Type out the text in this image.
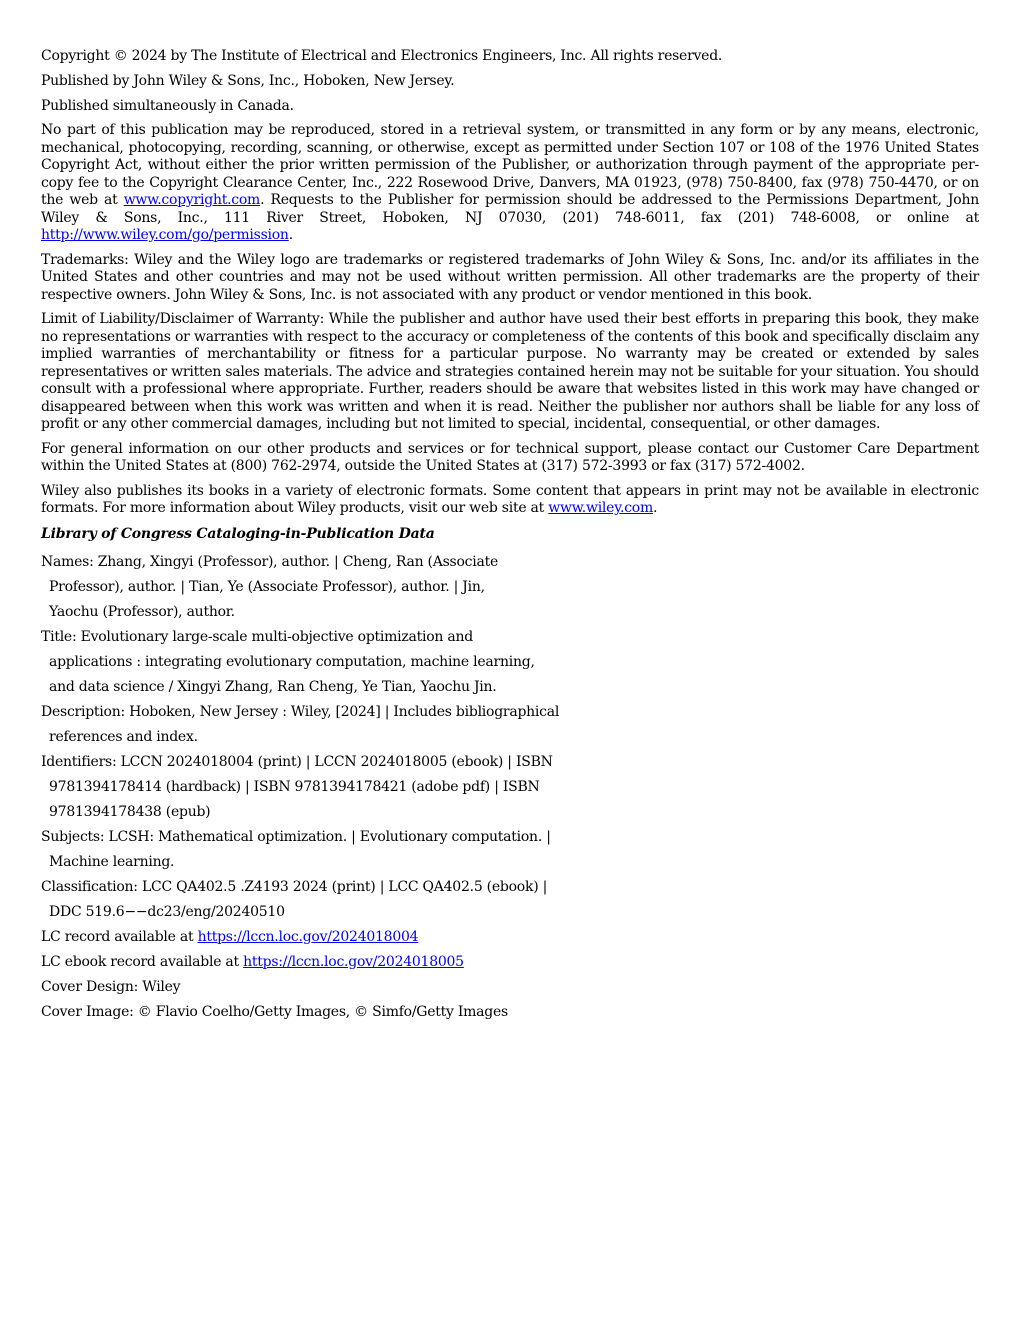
Copyright © 2024 by The Institute of Electrical and Electronics Engineers, Inc. All rights reserved.

Published by John Wiley & Sons, Inc., Hoboken, New Jersey.

Published simultaneously in Canada.

No part of this publication may be reproduced, stored in a retrieval system, or transmitted in any form or by any means, electronic, mechanical, photocopying, recording, scanning, or otherwise, except as permitted under Section 107 or 108 of the 1976 United States Copyright Act, without either the prior written permission of the Publisher, or authorization through payment of the appropriate per-copy fee to the Copyright Clearance Center, Inc., 222 Rosewood Drive, Danvers, MA 01923, (978) 750-8400, fax (978) 750-4470, or on the web at www.copyright.com. Requests to the Publisher for permission should be addressed to the Permissions Department, John Wiley & Sons, Inc., 111 River Street, Hoboken, NJ 07030, (201) 748-6011, fax (201) 748-6008, or online at http://www.wiley.com/go/permission.

Trademarks: Wiley and the Wiley logo are trademarks or registered trademarks of John Wiley & Sons, Inc. and/or its affiliates in the United States and other countries and may not be used without written permission. All other trademarks are the property of their respective owners. John Wiley & Sons, Inc. is not associated with any product or vendor mentioned in this book.

Limit of Liability/Disclaimer of Warranty: While the publisher and author have used their best efforts in preparing this book, they make no representations or warranties with respect to the accuracy or completeness of the contents of this book and specifically disclaim any implied warranties of merchantability or fitness for a particular purpose. No warranty may be created or extended by sales representatives or written sales materials. The advice and strategies contained herein may not be suitable for your situation. You should consult with a professional where appropriate. Further, readers should be aware that websites listed in this work may have changed or disappeared between when this work was written and when it is read. Neither the publisher nor authors shall be liable for any loss of profit or any other commercial damages, including but not limited to special, incidental, consequential, or other damages.

For general information on our other products and services or for technical support, please contact our Customer Care Department within the United States at (800) 762-2974, outside the United States at (317) 572-3993 or fax (317) 572-4002.

Wiley also publishes its books in a variety of electronic formats. Some content that appears in print may not be available in electronic formats. For more information about Wiley products, visit our web site at www.wiley.com.

Library of Congress Cataloging-in-Publication Data

Names: Zhang, Xingyi (Professor), author. | Cheng, Ran (Associate

Professor), author. | Tian, Ye (Associate Professor), author. | Jin,

Yaochu (Professor), author.

Title: Evolutionary large-scale multi-objective optimization and

applications : integrating evolutionary computation, machine learning,

and data science / Xingyi Zhang, Ran Cheng, Ye Tian, Yaochu Jin.

Description: Hoboken, New Jersey : Wiley, [2024] | Includes bibliographical

references and index.

Identifiers: LCCN 2024018004 (print) | LCCN 2024018005 (ebook) | ISBN

9781394178414 (hardback) | ISBN 9781394178421 (adobe pdf) | ISBN

9781394178438 (epub)

Subjects: LCSH: Mathematical optimization. | Evolutionary computation. |

Machine learning.

Classification: LCC QA402.5 .Z4193 2024 (print) | LCC QA402.5 (ebook) |

DDC 519.6−−dc23/eng/20240510

LC record available at https://lccn.loc.gov/2024018004

LC ebook record available at https://lccn.loc.gov/2024018005

Cover Design: Wiley

Cover Image: © Flavio Coelho/Getty Images, © Simfo/Getty Images
